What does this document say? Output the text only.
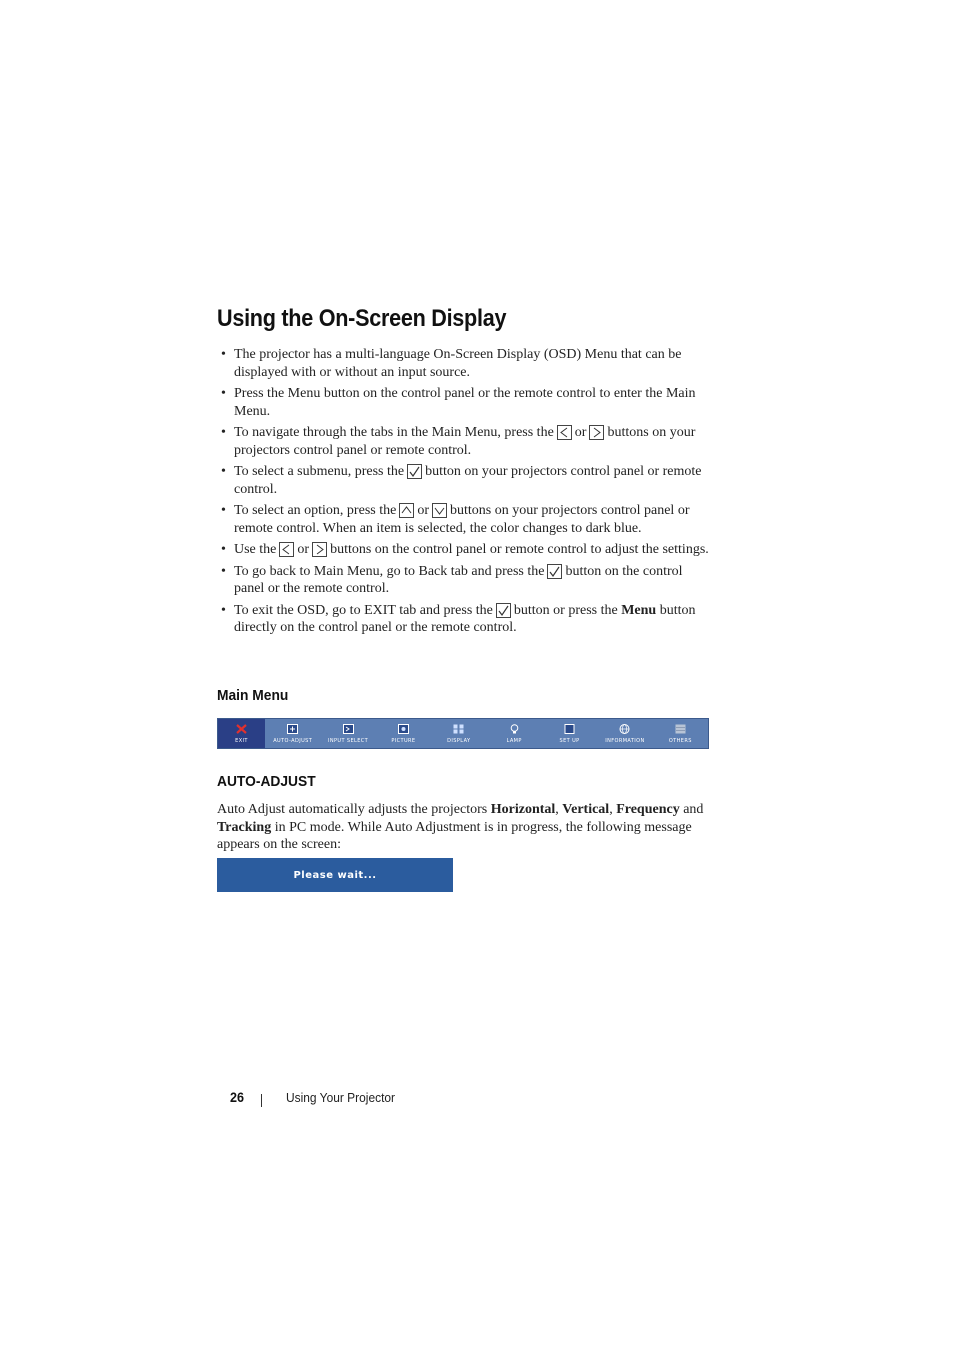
Using the On-Screen Display
• The projector has a multi-language On-Screen Display (OSD) Menu that can be displayed with or without an input source.
• Press the Menu button on the control panel or the remote control to enter the Main Menu.
• To navigate through the tabs in the Main Menu, press the or buttons on your projectors control panel or remote control.
• To select a submenu, press the button on your projectors control panel or remote control.
• To select an option, press the or buttons on your projectors control panel or remote control. When an item is selected, the color changes to dark blue.
• Use the or buttons on the control panel or remote control to adjust the settings.
• To go back to Main Menu, go to Back tab and press the button on the control panel or the remote control.
• To exit the OSD, go to EXIT tab and press the button or press the Menu button directly on the control panel or the remote control.
Main Menu
EXIT	AUTO-ADJUST	INPUT SELECT	PICTURE	DISPLAY	LAMP	SET UP	INFORMATION	OTHERS
AUTO-ADJUST

Auto Adjust automatically adjusts the projectors Horizontal, Vertical, Frequency and Tracking in PC mode. While Auto Adjustment is in progress, the following message appears on the screen:

Please wait...
26	Using Your Projector
